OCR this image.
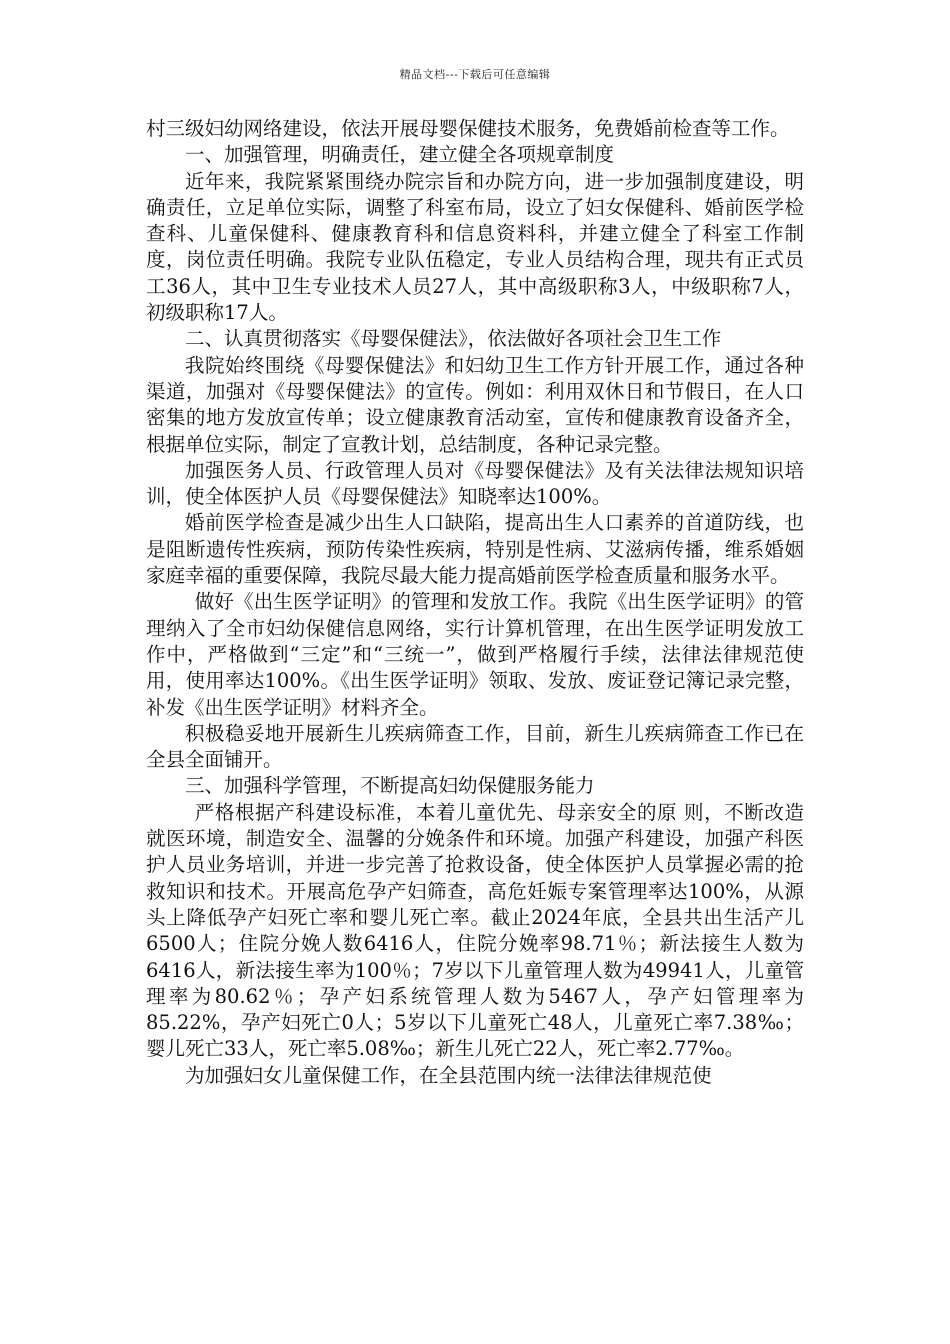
精品文档---下载后可任意编辑

村三级妇幼网络建设，依法开展母婴保健技术服务，免费婚前检查等工作。

一、加强管理，明确责任，建立健全各项规章制度

近年来，我院紧紧围绕办院宗旨和办院方向，进一步加强制度建设，明确责任，立足单位实际，调整了科室布局，设立了妇女保健科、婚前医学检查科、儿童保健科、健康教育科和信息资料科，并建立健全了科室工作制度，岗位责任明确。我院专业队伍稳定，专业人员结构合理，现共有正式员工36人，其中卫生专业技术人员27人，其中高级职称3人，中级职称7人，初级职称17人。

二、认真贯彻落实《母婴保健法》，依法做好各项社会卫生工作

我院始终围绕《母婴保健法》和妇幼卫生工作方针开展工作，通过各种渠道，加强对《母婴保健法》的宣传。例如：利用双休日和节假日，在人口密集的地方发放宣传单；设立健康教育活动室，宣传和健康教育设备齐全，根据单位实际，制定了宣教计划，总结制度，各种记录完整。

加强医务人员、行政管理人员对《母婴保健法》及有关法律法规知识培训，使全体医护人员《母婴保健法》知晓率达100%。

婚前医学检查是减少出生人口缺陷，提高出生人口素养的首道防线，也是阻断遗传性疾病，预防传染性疾病，特别是性病、艾滋病传播，维系婚姻家庭幸福的重要保障，我院尽最大能力提高婚前医学检查质量和服务水平。

做好《出生医学证明》的管理和发放工作。我院《出生医学证明》的管理纳入了全市妇幼保健信息网络，实行计算机管理，在出生医学证明发放工作中，严格做到“三定”和“三统一”，做到严格履行手续，法律法律规范使用，使用率达100%。《出生医学证明》领取、发放、废证登记簿记录完整，补发《出生医学证明》材料齐全。

积极稳妥地开展新生儿疾病筛查工作，目前，新生儿疾病筛查工作已在全县全面铺开。

三、加强科学管理，不断提高妇幼保健服务能力

严格根据产科建设标准，本着儿童优先、母亲安全的原 则，不断改造就医环境，制造安全、温馨的分娩条件和环境。加强产科建设，加强产科医护人员业务培训，并进一步完善了抢救设备，使全体医护人员掌握必需的抢救知识和技术。开展高危孕产妇筛查，高危妊娠专案管理率达100%，从源头上降低孕产妇死亡率和婴儿死亡率。截止2024年底，全县共出生活产儿6500人；住院分娩人数6416人，住院分娩率98.71％；新法接生人数为6416人，新法接生率为100％；7岁以下儿童管理人数为49941人，儿童管理率为80.62％；孕产妇系统管理人数为5467人，孕产妇管理率为85.22%，孕产妇死亡0人；5岁以下儿童死亡48人，儿童死亡率7.38‰；婴儿死亡33人，死亡率5.08‰；新生儿死亡22人，死亡率2.77‰。

为加强妇女儿童保健工作，在全县范围内统一法律法律规范使
